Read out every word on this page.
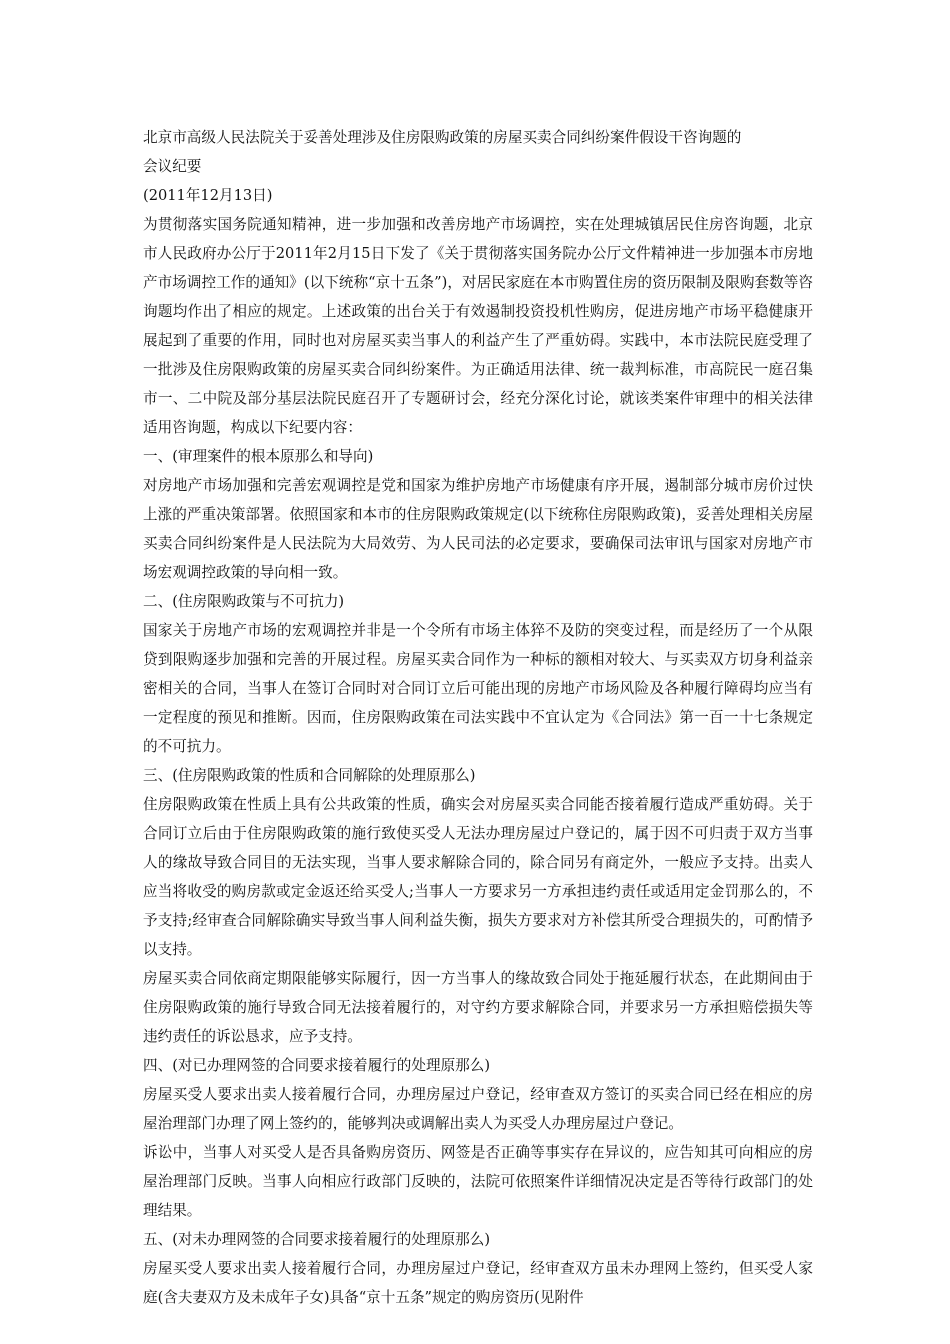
北京市高级人民法院关于妥善处理涉及住房限购政策的房屋买卖合同纠纷案件假设干咨询题的
会议纪要
(2011年12月13日)

为贯彻落实国务院通知精神，进一步加强和改善房地产市场调控，实在处理城镇居民住房咨询题，北京市人民政府办公厅于2011年2月15日下发了《关于贯彻落实国务院办公厅文件精神进一步加强本市房地产市场调控工作的通知》(以下统称“京十五条”)，对居民家庭在本市购置住房的资历限制及限购套数等咨询题均作出了相应的规定。上述政策的出台关于有效遏制投资投机性购房，促进房地产市场平稳健康开展起到了重要的作用，同时也对房屋买卖当事人的利益产生了严重妨碍。实践中，本市法院民庭受理了一批涉及住房限购政策的房屋买卖合同纠纷案件。为正确适用法律、统一裁判标准，市高院民一庭召集市一、二中院及部分基层法院民庭召开了专题研讨会，经充分深化讨论，就该类案件审理中的相关法律适用咨询题，构成以下纪要内容：

一、(审理案件的根本原那么和导向)

对房地产市场加强和完善宏观调控是党和国家为维护房地产市场健康有序开展，遏制部分城市房价过快上涨的严重决策部署。依照国家和本市的住房限购政策规定(以下统称住房限购政策)，妥善处理相关房屋买卖合同纠纷案件是人民法院为大局效劳、为人民司法的必定要求，要确保司法审讯与国家对房地产市场宏观调控政策的导向相一致。

二、(住房限购政策与不可抗力)

国家关于房地产市场的宏观调控并非是一个令所有市场主体猝不及防的突变过程，而是经历了一个从限贷到限购逐步加强和完善的开展过程。房屋买卖合同作为一种标的额相对较大、与买卖双方切身利益亲密相关的合同，当事人在签订合同时对合同订立后可能出现的房地产市场风险及各种履行障碍均应当有一定程度的预见和推断。因而，住房限购政策在司法实践中不宜认定为《合同法》第一百一十七条规定的不可抗力。

三、(住房限购政策的性质和合同解除的处理原那么)

住房限购政策在性质上具有公共政策的性质，确实会对房屋买卖合同能否接着履行造成严重妨碍。关于合同订立后由于住房限购政策的施行致使买受人无法办理房屋过户登记的，属于因不可归责于双方当事人的缘故导致合同目的无法实现，当事人要求解除合同的，除合同另有商定外，一般应予支持。出卖人应当将收受的购房款或定金返还给买受人;当事人一方要求另一方承担违约责任或适用定金罚那么的，不予支持;经审查合同解除确实导致当事人间利益失衡，损失方要求对方补偿其所受合理损失的，可酌情予以支持。

房屋买卖合同依商定期限能够实际履行，因一方当事人的缘故致合同处于拖延履行状态，在此期间由于住房限购政策的施行导致合同无法接着履行的，对守约方要求解除合同，并要求另一方承担赔偿损失等违约责任的诉讼恳求，应予支持。

四、(对已办理网签的合同要求接着履行的处理原那么)

房屋买受人要求出卖人接着履行合同，办理房屋过户登记，经审查双方签订的买卖合同已经在相应的房屋治理部门办理了网上签约的，能够判决或调解出卖人为买受人办理房屋过户登记。

诉讼中，当事人对买受人是否具备购房资历、网签是否正确等事实存在异议的，应告知其可向相应的房屋治理部门反映。当事人向相应行政部门反映的，法院可依照案件详细情况决定是否等待行政部门的处理结果。

五、(对未办理网签的合同要求接着履行的处理原那么)

房屋买受人要求出卖人接着履行合同，办理房屋过户登记，经审查双方虽未办理网上签约，但买受人家庭(含夫妻双方及未成年子女)具备“京十五条”规定的购房资历(见附件
